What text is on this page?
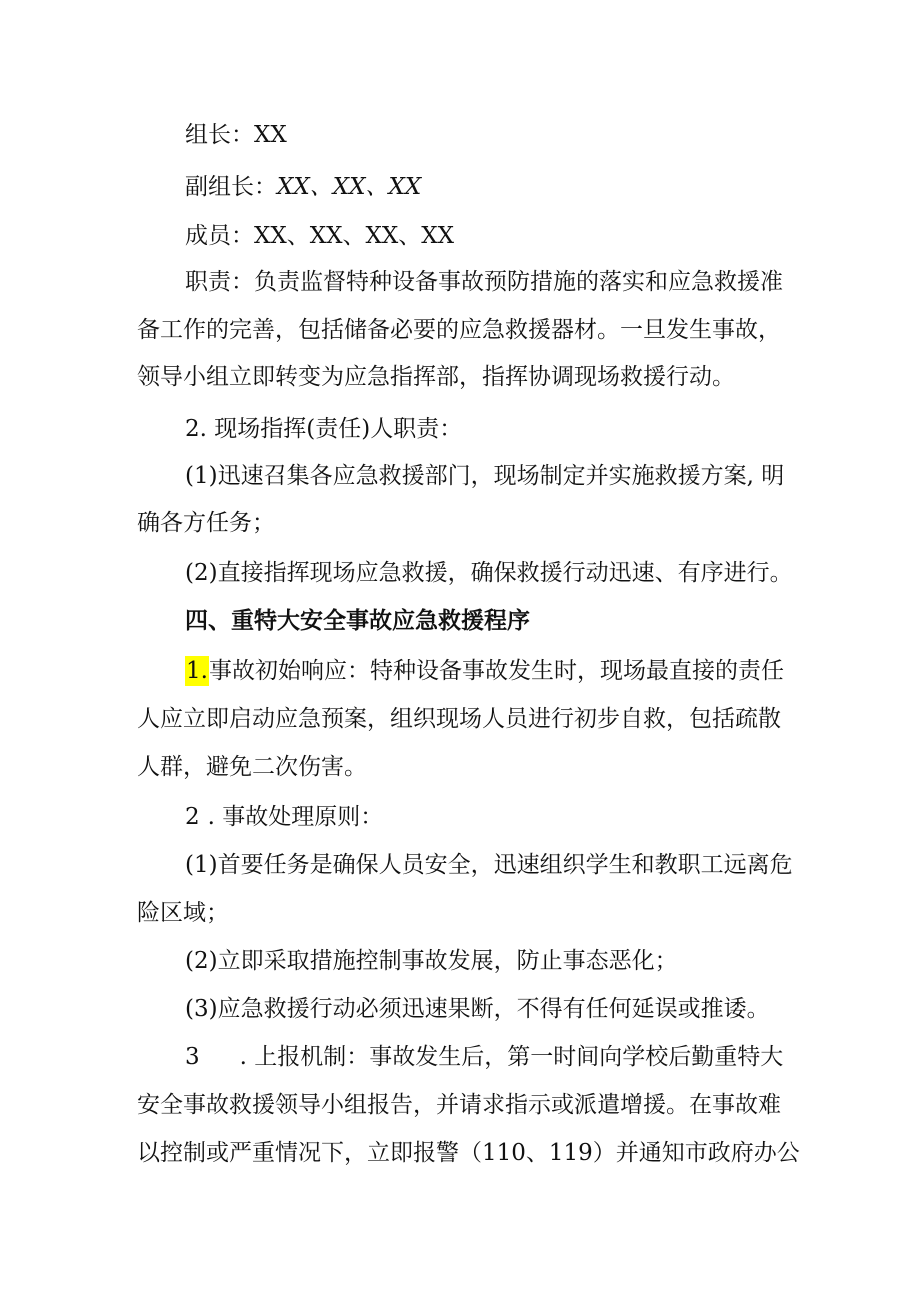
组长：XX
副组长：XX、XX、XX
成员：XX、XX、XX、XX
职责：负责监督特种设备事故预防措施的落实和应急救援准
备工作的完善，包括储备必要的应急救援器材。一旦发生事故，
领导小组立即转变为应急指挥部，指挥协调现场救援行动。
2. 现场指挥(责任)人职责：
(1)迅速召集各应急救援部门，现场制定并实施救援方案, 明
确各方任务；
(2)直接指挥现场应急救援，确保救援行动迅速、有序进行。
四、重特大安全事故应急救援程序
1.事故初始响应：特种设备事故发生时，现场最直接的责任
人应立即启动应急预案，组织现场人员进行初步自救，包括疏散
人群，避免二次伤害。
2 . 事故处理原则：
(1)首要任务是确保人员安全，迅速组织学生和教职工远离危
险区域；
(2)立即采取措施控制事故发展，防止事态恶化；
(3)应急救援行动必须迅速果断，不得有任何延误或推诿。
3 . 上报机制：事故发生后，第一时间向学校后勤重特大
安全事故救援领导小组报告，并请求指示或派遣增援。在事故难
以控制或严重情况下，立即报警（110、119）并通知市政府办公
